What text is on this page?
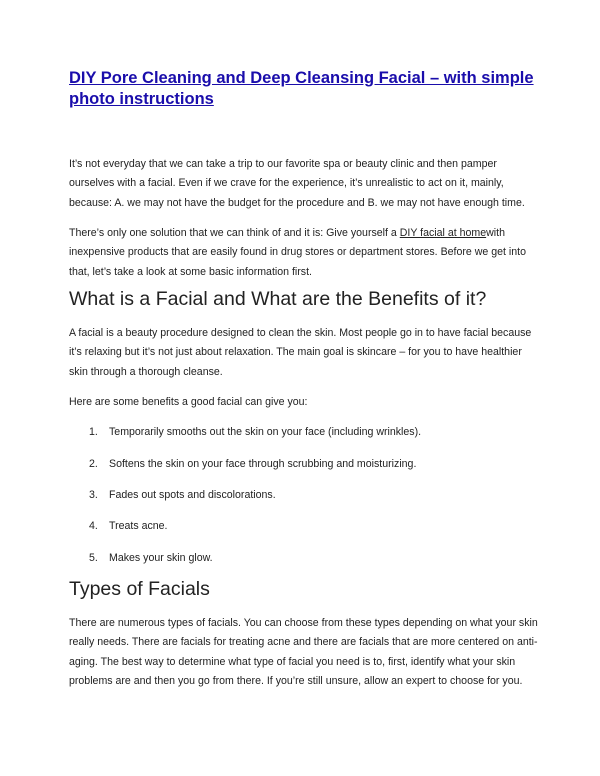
DIY Pore Cleaning and Deep Cleansing Facial – with simple photo instructions

It’s not everyday that we can take a trip to our favorite spa or beauty clinic and then pamper ourselves with a facial. Even if we crave for the experience, it’s unrealistic to act on it, mainly, because: A. we may not have the budget for the procedure and B. we may not have enough time.

There’s only one solution that we can think of and it is: Give yourself a DIY facial at homewith inexpensive products that are easily found in drug stores or department stores. Before we get into that, let’s take a look at some basic information first.

What is a Facial and What are the Benefits of it?

A facial is a beauty procedure designed to clean the skin. Most people go in to have facial because it’s relaxing but it’s not just about relaxation. The main goal is skincare – for you to have healthier skin through a thorough cleanse.

Here are some benefits a good facial can give you:

1. Temporarily smooths out the skin on your face (including wrinkles).
2. Softens the skin on your face through scrubbing and moisturizing.
3. Fades out spots and discolorations.
4. Treats acne.
5. Makes your skin glow.
Types of Facials

There are numerous types of facials. You can choose from these types depending on what your skin really needs. There are facials for treating acne and there are facials that are more centered on anti-aging. The best way to determine what type of facial you need is to, first, identify what your skin problems are and then you go from there. If you’re still unsure, allow an expert to choose for you.
